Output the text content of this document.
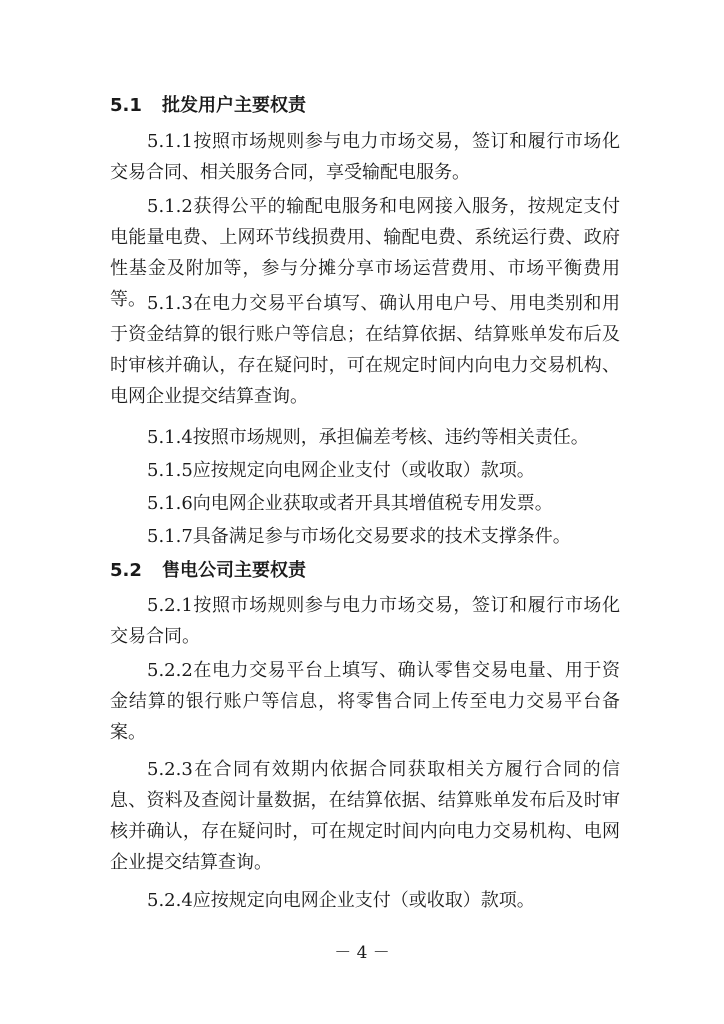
5.1 批发用户主要权责

5.1.1按照市场规则参与电力市场交易，签订和履行市场化交易合同、相关服务合同，享受输配电服务。

5.1.2获得公平的输配电服务和电网接入服务，按规定支付电能量电费、上网环节线损费用、输配电费、系统运行费、政府性基金及附加等，参与分摊分享市场运营费用、市场平衡费用等。 5.1.3在电力交易平台填写、确认用电户号、用电类别和用于资金结算的银行账户等信息；在结算依据、结算账单发布后及时审核并确认，存在疑问时，可在规定时间内向电力交易机构、电网企业提交结算查询。

5.1.4按照市场规则，承担偏差考核、违约等相关责任。

5.1.5应按规定向电网企业支付（或收取）款项。

5.1.6向电网企业获取或者开具其增值税专用发票。

5.1.7具备满足参与市场化交易要求的技术支撑条件。

5.2 售电公司主要权责

5.2.1按照市场规则参与电力市场交易，签订和履行市场化交易合同。

5.2.2在电力交易平台上填写、确认零售交易电量、用于资金结算的银行账户等信息，将零售合同上传至电力交易平台备案。

5.2.3在合同有效期内依据合同获取相关方履行合同的信息、资料及查阅计量数据，在结算依据、结算账单发布后及时审核并确认，存在疑问时，可在规定时间内向电力交易机构、电网企业提交结算查询。

5.2.4应按规定向电网企业支付（或收取）款项。

－ 4 －
